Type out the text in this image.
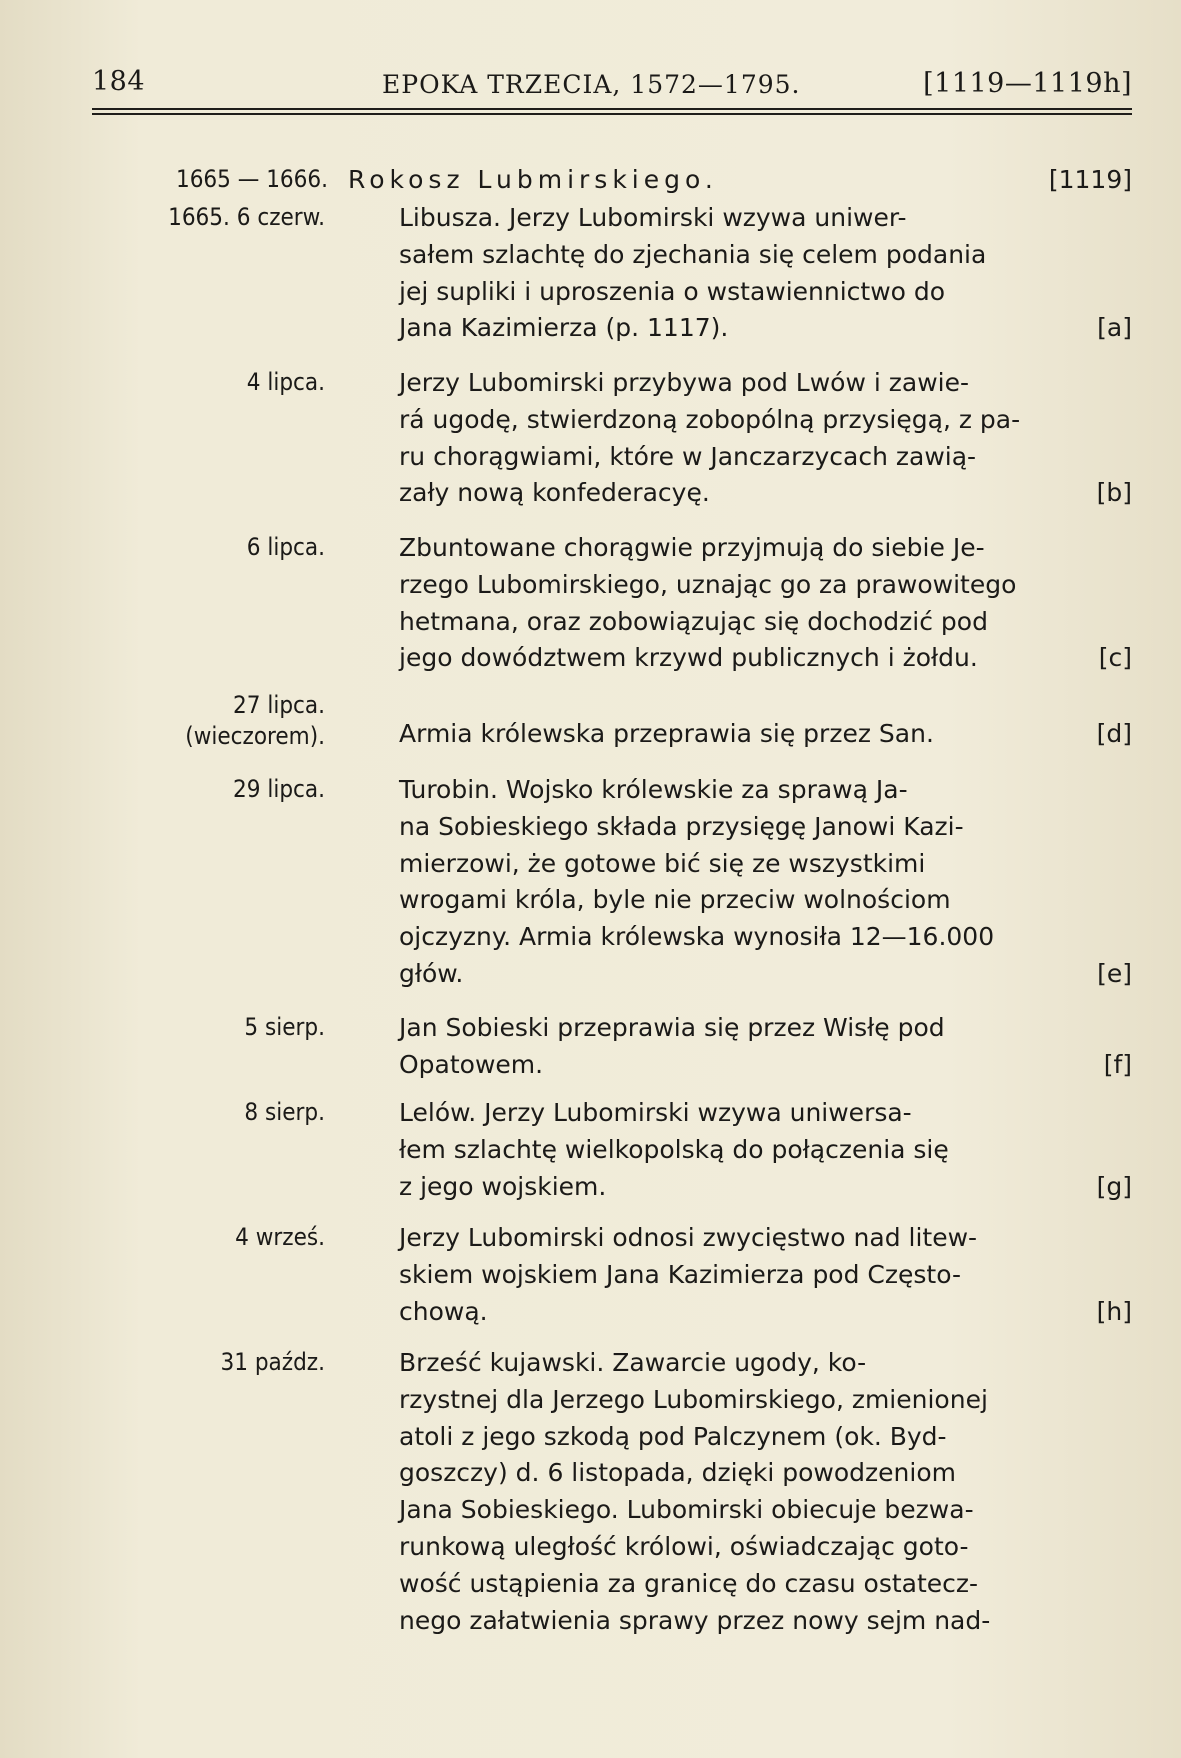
184	EPOKA TRZECIA, 1572—1795.	[1119—1119h]
1665 — 1666. Rokosz Lubmirskiego.	[1119]
1665. 6 czerw.	Libusza. Jerzy Lubomirski wzywa uniwer-
sałem szlachtę do zjechania się celem podania
jej supliki i uproszenia o wstawiennictwo do
Jana Kazimierza (p. 1117).	[a]
4 lipca.	Jerzy Lubomirski przybywa pod Lwów i zawie-
rá ugodę, stwierdzoną zobopólną przysięgą, z pa-
ru chorągwiami, które w Janczarzycach zawią-
zały nową konfederacyę.	[b]
6 lipca.	Zbuntowane chorągwie przyjmują do siebie Je-
rzego Lubomirskiego, uznając go za prawowitego
hetmana, oraz zobowiązując się dochodzić pod
jego dowództwem krzywd publicznych i żołdu.	[c]
27 lipca.
(wieczorem).	Armia królewska przeprawia się przez San.	[d]
29 lipca.	Turobin. Wojsko królewskie za sprawą Ja-
na Sobieskiego składa przysięgę Janowi Kazi-
mierzowi, że gotowe bić się ze wszystkimi
wrogami króla, byle nie przeciw wolnościom
ojczyzny. Armia królewska wynosiła 12—16.000
głów.	[e]
5 sierp.	Jan Sobieski przeprawia się przez Wisłę pod
Opatowem.	[f]
8 sierp.	Lelów. Jerzy Lubomirski wzywa uniwersa-
łem szlachtę wielkopolską do połączenia się
z jego wojskiem.	[g]
4 wrześ.	Jerzy Lubomirski odnosi zwycięstwo nad litew-
skiem wojskiem Jana Kazimierza pod Często-
chową.	[h]
31 paźdz.	Brześć kujawski. Zawarcie ugody, ko-
rzystnej dla Jerzego Lubomirskiego, zmienionej
atoli z jego szkodą pod Palczynem (ok. Byd-
goszczy) d. 6 listopada, dzięki powodzeniom
Jana Sobieskiego. Lubomirski obiecuje bezwa-
runkową uległość królowi, oświadczając goto-
wość ustąpienia za granicę do czasu ostatecz-
nego załatwienia sprawy przez nowy sejm nad-
